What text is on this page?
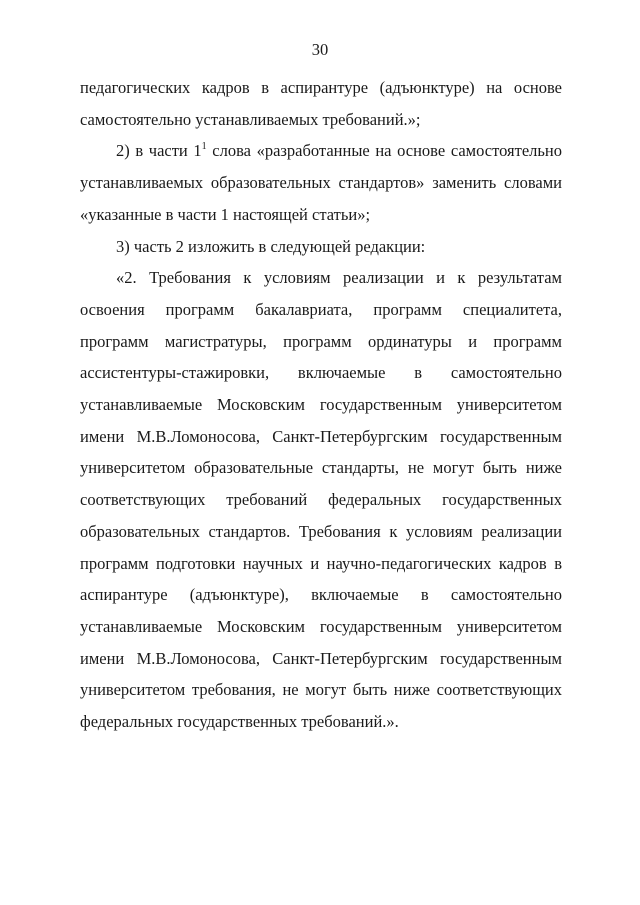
30

педагогических кадров в аспирантуре (адъюнктуре) на основе самостоятельно устанавливаемых требований.»;

2) в части $1^1$ слова «разработанные на основе самостоятельно устанавливаемых образовательных стандартов» заменить словами «указанные в части 1 настоящей статьи»;

3) часть 2 изложить в следующей редакции:

«2. Требования к условиям реализации и к результатам освоения программ бакалавриата, программ специалитета, программ магистратуры, программ ординатуры и программ ассистентуры-стажировки, включаемые в самостоятельно устанавливаемые Московским государственным университетом имени М.В.Ломоносова, Санкт-Петербургским государственным университетом образовательные стандарты, не могут быть ниже соответствующих требований федеральных государственных образовательных стандартов. Требования к условиям реализации программ подготовки научных и научно-педагогических кадров в аспирантуре (адъюнктуре), включаемые в самостоятельно устанавливаемые Московским государственным университетом имени М.В.Ломоносова, Санкт-Петербургским государственным университетом требования, не могут быть ниже соответствующих федеральных государственных требований.».
